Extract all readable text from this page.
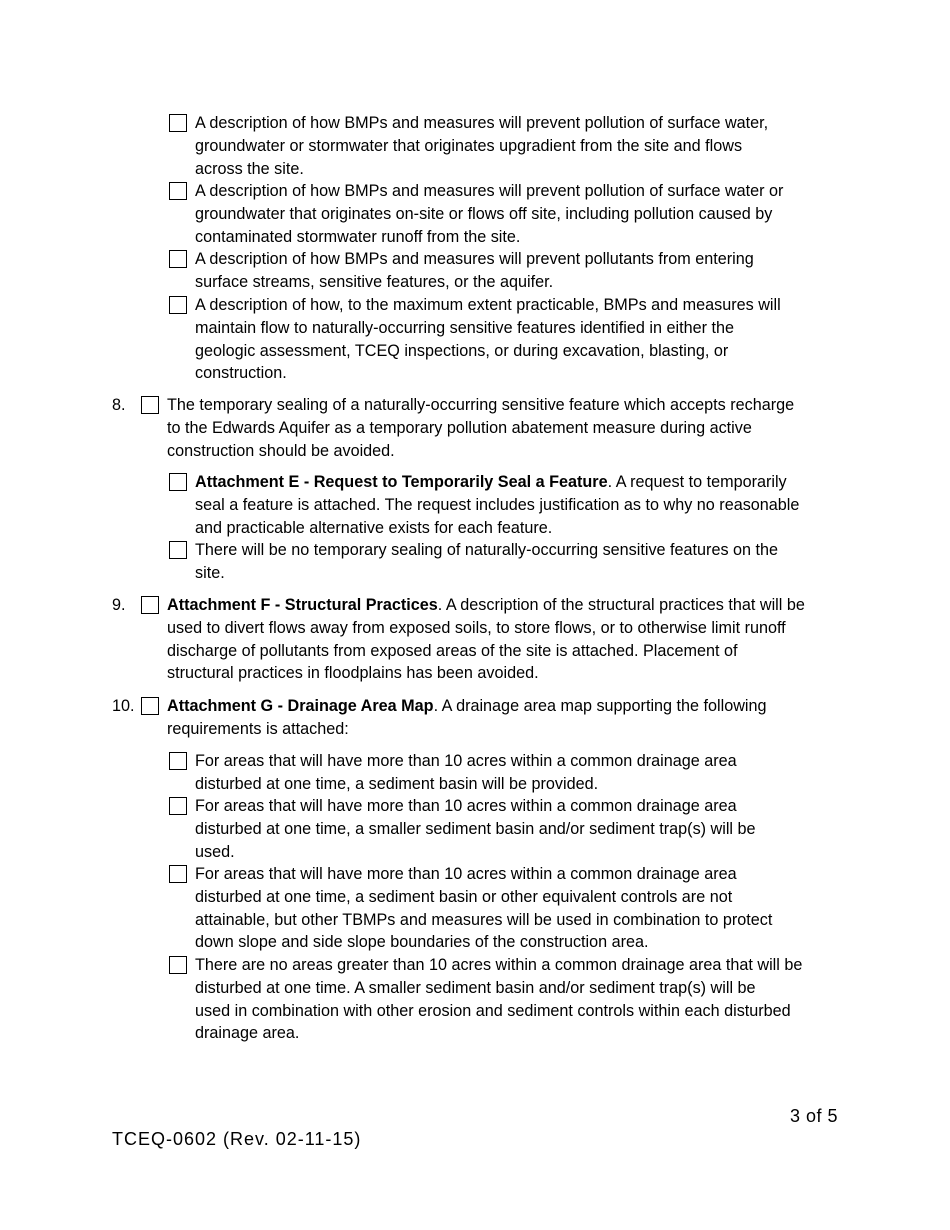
A description of how BMPs and measures will prevent pollution of surface water,
groundwater or stormwater that originates upgradient from the site and flows
across the site.
A description of how BMPs and measures will prevent pollution of surface water or
groundwater that originates on-site or flows off site, including pollution caused by
contaminated stormwater runoff from the site.
A description of how BMPs and measures will prevent pollutants from entering
surface streams, sensitive features, or the aquifer.
A description of how, to the maximum extent practicable, BMPs and measures will
maintain flow to naturally-occurring sensitive features identified in either the
geologic assessment, TCEQ inspections, or during excavation, blasting, or
construction.
8.	The temporary sealing of a naturally-occurring sensitive feature which accepts recharge
to the Edwards Aquifer as a temporary pollution abatement measure during active
construction should be avoided.
Attachment E - Request to Temporarily Seal a Feature. A request to temporarily
seal a feature is attached. The request includes justification as to why no reasonable
and practicable alternative exists for each feature.
There will be no temporary sealing of naturally-occurring sensitive features on the
site.
9.	Attachment F - Structural Practices. A description of the structural practices that will be
used to divert flows away from exposed soils, to store flows, or to otherwise limit runoff
discharge of pollutants from exposed areas of the site is attached. Placement of
structural practices in floodplains has been avoided.
10. Attachment G - Drainage Area Map. A drainage area map supporting the following
requirements is attached:
For areas that will have more than 10 acres within a common drainage area
disturbed at one time, a sediment basin will be provided.
For areas that will have more than 10 acres within a common drainage area
disturbed at one time, a smaller sediment basin and/or sediment trap(s) will be
used.
For areas that will have more than 10 acres within a common drainage area
disturbed at one time, a sediment basin or other equivalent controls are not
attainable, but other TBMPs and measures will be used in combination to protect
down slope and side slope boundaries of the construction area.
There are no areas greater than 10 acres within a common drainage area that will be
disturbed at one time. A smaller sediment basin and/or sediment trap(s) will be
used in combination with other erosion and sediment controls within each disturbed
drainage area.
3 of 5
TCEQ-0602 (Rev. 02-11-15)
